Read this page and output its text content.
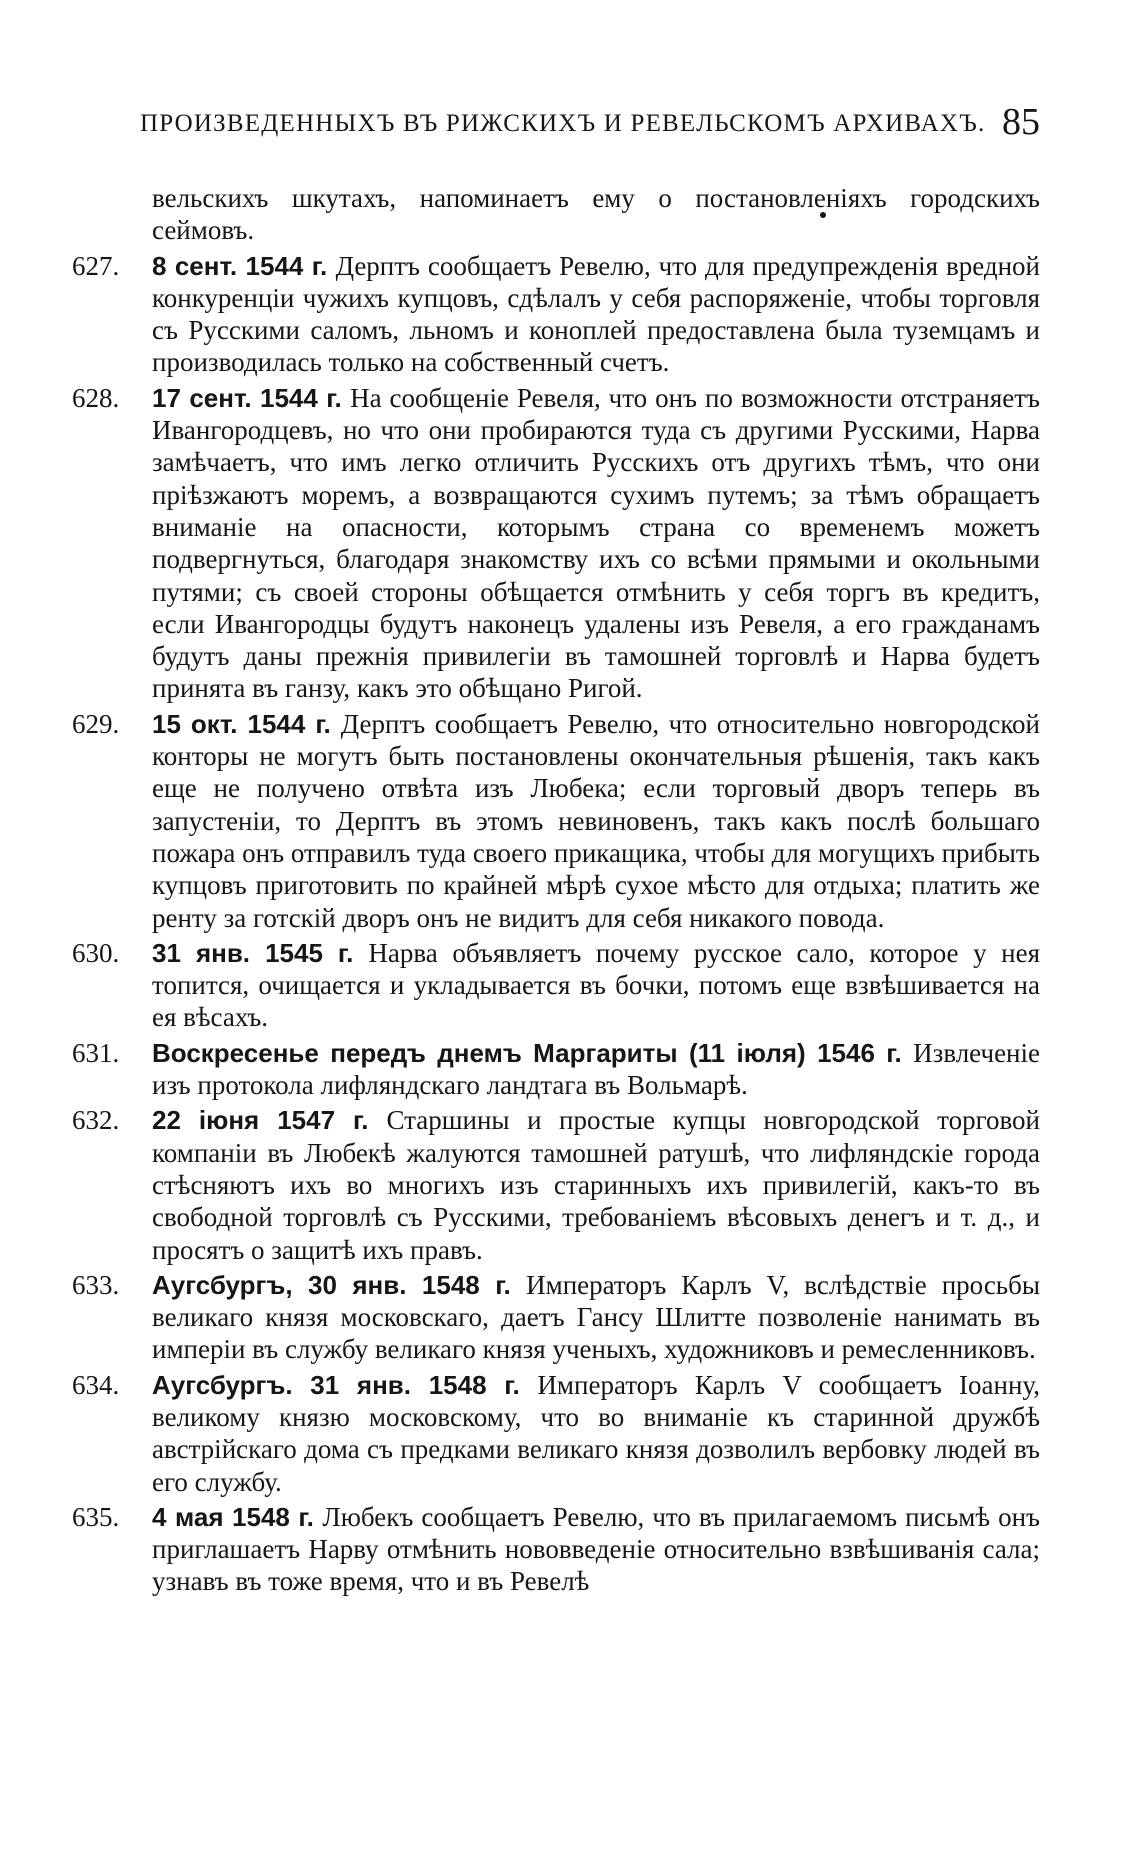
ПРОИЗВЕДЕННЫХЪ ВЪ РИЖСКИХЪ И РЕВЕЛЬСКОМЪ АРХИВАХЪ. 85

вельскихъ шкутахъ, напоминаетъ ему о постановленіяхъ городскихъ сеймовъ.

627.	8 сент. 1544 г. Дерптъ сообщаетъ Ревелю, что для предупрежденія вредной конкуренціи чужихъ купцовъ, сдѣлалъ у себя распоряженіе, чтобы торговля съ Русскими саломъ, льномъ и коноплей предоставлена была туземцамъ и производилась только на собственный счетъ.
628.	17 сент. 1544 г. На сообщеніе Ревеля, что онъ по возможности отстраняетъ Ивангородцевъ, но что они пробираются туда съ другими Русскими, Нарва замѣчаетъ, что имъ легко отличить Русскихъ отъ другихъ тѣмъ, что они пріѣзжаютъ моремъ, а возвращаются сухимъ путемъ; за тѣмъ обращаетъ вниманіе на опасности, которымъ страна со временемъ можетъ подвергнуться, благодаря знакомству ихъ со всѣми прямыми и окольными путями; съ своей стороны обѣщается отмѣнить у себя торгъ въ кредитъ, если Ивангородцы будутъ наконецъ удалены изъ Ревеля, а его гражданамъ будутъ даны прежнія привилегіи въ тамошней торговлѣ и Нарва будетъ принята въ ганзу, какъ это обѣщано Ригой.
629.	15 окт. 1544 г. Дерптъ сообщаетъ Ревелю, что относительно новгородской конторы не могутъ быть постановлены окончательныя рѣшенія, такъ какъ еще не получено отвѣта изъ Любека; если торговый дворъ теперь въ запустеніи, то Дерптъ въ этомъ невиновенъ, такъ какъ послѣ большаго пожара онъ отправилъ туда своего прикащика, чтобы для могущихъ прибыть купцовъ приготовить по крайней мѣрѣ сухое мѣсто для отдыха; платить же ренту за готскій дворъ онъ не видитъ для себя никакого повода.
630.	31 янв. 1545 г. Нарва объявляетъ почему русское сало, которое у нея топится, очищается и укладывается въ бочки, потомъ еще взвѣшивается на ея вѣсахъ.
631.	Воскресенье передъ днемъ Маргариты (11 іюля) 1546 г. Извлеченіе изъ протокола лифляндскаго ландтага въ Вольмарѣ.
632.	22 іюня 1547 г. Старшины и простые купцы новгородской торговой компаніи въ Любекѣ жалуются тамошней ратушѣ, что лифляндскіе города стѣсняютъ ихъ во многихъ изъ старинныхъ ихъ привилегій, какъ-то въ свободной торговлѣ съ Русскими, требованіемъ вѣсовыхъ денегъ и т. д., и просятъ о защитѣ ихъ правъ.
633.	Аугсбургъ, 30 янв. 1548 г. Императоръ Карлъ V, вслѣдствіе просьбы великаго князя московскаго, даетъ Гансу Шлитте позволеніе нанимать въ имперіи въ службу великаго князя ученыхъ, художниковъ и ремесленниковъ.
634.	Аугсбургъ. 31 янв. 1548 г. Императоръ Карлъ V сообщаетъ Іоанну, великому князю московскому, что во вниманіе къ старинной дружбѣ австрійскаго дома съ предками великаго князя дозволилъ вербовку людей въ его службу.
635.	4 мая 1548 г. Любекъ сообщаетъ Ревелю, что въ прилагаемомъ письмѣ онъ приглашаетъ Нарву отмѣнить нововведеніе относительно взвѣшиванія сала; узнавъ въ тоже время, что и въ Ревелѣ
